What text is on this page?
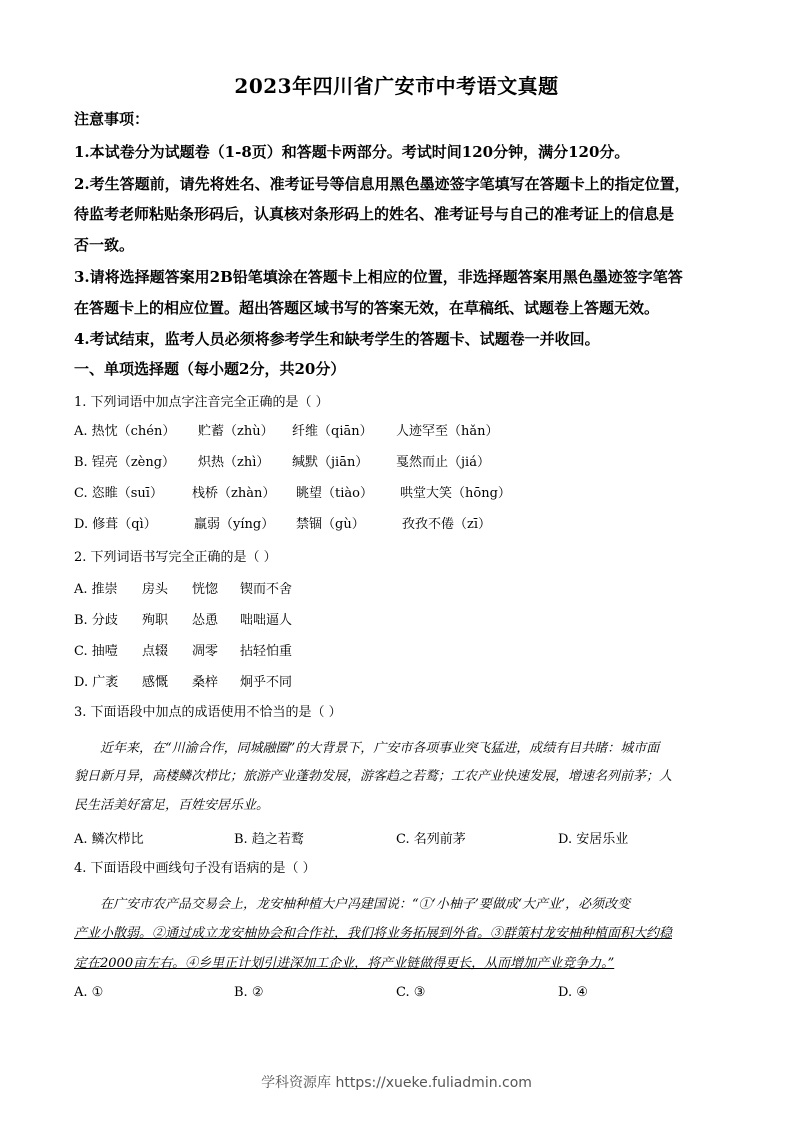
2023年四川省广安市中考语文真题
注意事项：
1.本试卷分为试题卷（1-8页）和答题卡两部分。考试时间120分钟，满分120分。
2.考生答题前，请先将姓名、准考证号等信息用黑色墨迹签字笔填写在答题卡上的指定位置，
待监考老师粘贴条形码后，认真核对条形码上的姓名、准考证号与自己的准考证上的信息是
否一致。
3.请将选择题答案用2B铅笔填涂在答题卡上相应的位置，非选择题答案用黑色墨迹签字笔答
在答题卡上的相应位置。超出答题区域书写的答案无效，在草稿纸、试题卷上答题无效。
4.考试结束，监考人员必须将参考学生和缺考学生的答题卡、试题卷一并收回。
一、单项选择题（每小题2分，共20分）
1. 下列词语中加点字注音完全正确的是（ ）
A. 热忱（chén） 贮蓄（zhù） 纤维（qiān） 人迹罕至（hǎn）
B. 锃亮（zèng） 炽热（zhì） 缄默（jiān） 戛然而止（jiá）
C. 恣睢（suī） 栈桥（zhàn） 眺望（tiào） 哄堂大笑（hōng）
D. 修葺（qì）	羸弱（yíng） 禁锢（gù）	孜孜不倦（zī）
2. 下列词语书写完全正确的是（ ）
A. 推崇 房头 恍惚 锲而不舍
B. 分歧 殉职 怂恿 咄咄逼人
C. 抽噎 点辍 凋零 拈轻怕重
D. 广袤 感慨 桑梓 炯乎不同
3. 下面语段中加点的成语使用不恰当的是（ ）
近年来，在“川渝合作，同城融圈”的大背景下，广安市各项事业突飞猛进，成绩有目共睹：城市面
貌日新月异，高楼鳞次栉比；旅游产业蓬勃发展，游客趋之若鹜；工农产业快速发展，增速名列前茅；人
民生活美好富足，百姓安居乐业。
A. 鳞次栉比	B. 趋之若鹜	C. 名列前茅	D. 安居乐业
4. 下面语段中画线句子没有语病的是（ ）
在广安市农产品交易会上，龙安柚种植大户冯建国说：“①‘小柚子’要做成‘大产业’，必须改变
产业小散弱。②通过成立龙安柚协会和合作社，我们将业务拓展到外省。③群策村龙安柚种植面积大约稳
定在2000亩左右。④乡里正计划引进深加工企业，将产业链做得更长，从而增加产业竞争力。”
A. ①	B. ②	C. ③	D. ④
学科资源库 https://xueke.fuliadmin.com
